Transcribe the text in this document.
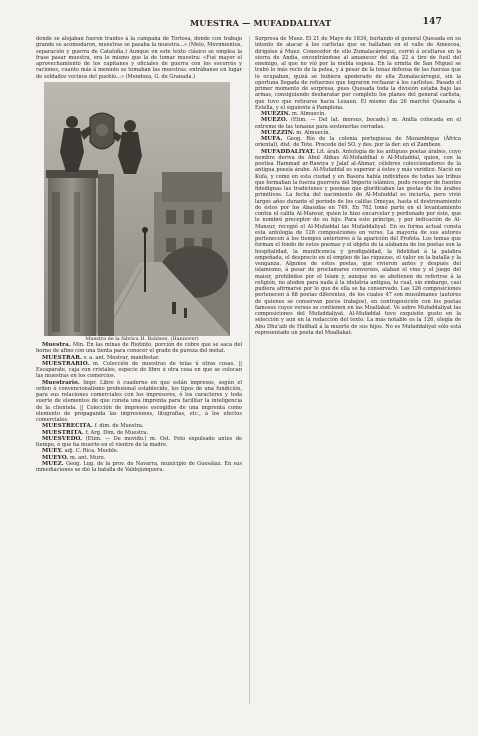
MUESTRA — MUFADDALIYAT	147

donde se alojaban fueron traídos á la campaña de Tortosa, donde con trabajo grande se acomodaron, muestras se pasaba la muestra...» (Melo, Movimientos, separación y guerra de Cataluña.) Aunque en este texto clásico se emplea la frase pasar muestra, era lo mismo que la de tomar muestra: «Fué mayor el aprovechamiento de los capitanes y oficiales de guerra con los socorros y raciones, cuanto más á menudo se tomaban las muestras: entrábanse en lugar de soldados vecinos del pueblo...» (Mendoza, G. de Granada.)

Muestra de la fábrica H. Bahlsen. (Hannover)

Muestra. Min. En las minas de Riotinto, porción de cobre que se saca del horno de afino con una tienta para conocer el grado de pureza del metal.

MUESTRAR. v. a. ant. Mostrar, manifestar.

MUESTRARIO. m. Colección de muestras de telas ú otras cosas. || Escaparate, caja con cristales, especie de libro ú otra cosa en que se colocan las muestras en los comercios.

Muestrario. Impr. Libro ó cuaderno en que están impresos, según el orden ó convencionalismo profesional establecido, los tipos de una fundición, para sus relaciones comerciales con los impresores, ó los caracteres y toda suerte de elementos de que consta una imprenta para facilitar la inteligencia de la clientela. || Colección de impresos escogidos de una imprenta como elemento de propaganda las impresiones, litografías, etc., á los efectos comerciales.

MUESTRECITA. f. dim. de Muestra.

MUESTRITA. f. Arg. Dim. de Muestra.

MUESVEDO. (Etim. — De movido.) m. Ost. Feto expulsado antes de tiempo, ó que ha muerto en el vientre de la madre.

MUEY. adj. C. Rica. Mueble.

MUEYO. m. ant. Muro.

MUEZ. Geog. Lug. de la prov. de Navarra, municipio de Guesálaz. En sus inmediaciones se dió la batalla de Valdejunquera.

Sorpresa de Muez. El 21 de Mayo de 1834, burlando el general Quesada en su intento de atacar á los carlistas que se hallaban en el valle de Amescoa, dirigióse á Muez. Conocedor de ello Zumalacárregui, corrió á ocultarse en la sierra de Andía, encontrándose al amanecer del día 22 á tiro de fusil del enemigo, al que no vió por la niebla espesa. En la ermita de San Miguel se trabó lo más recio de la pelea, y á pesar de la tenaz defensa de las fuerzas que lo ocupaban, quizá se hubiera apoderado de ella Zumalacárregui, sin la oportuna llegada de refuerzos que lograron rechazar á los carlistas. Pasado el primer momento de sorpresa, pues Quesada toda la división estaba bajo las armas, consiguiendo desbaratar por completo los planes del general carlista, que tuvo que retirarse hacia Lezaun. El mismo día 26 marchó Quesada á Estella, y el siguiente á Pamplona.

MUEZIN. m. Almuecín.

MUEZO. (Etim. — Del lat. morsus, bocado.) m. Anilla colocada en el extremo de las tenazas para sostenerlas cerradas.

MUEZZIN. m. Almuecín.

MUFA. Geog. Río de la colonia portuguesa de Mozambique (África oriental), dist. de Tete. Procede del SO. y des. por la der. en el Zambeze.

MUFADDALIYAT. Lit. árab. Antología de los antiguos poetas árabes, cuyo nombre deriva de Abul Abbas Al-Mofaddhal ó Al-Mufaddal, quien, con la poetisa Hammad ar-Rawiya y Jalaf al-Ahmar, célebres coleccionadores de la antigua poesía árabe. Al-Mufaddal es superior á éstos y más veridico. Nació en Kufa, y como en esta ciudad y en Basora había individuos de todas las tribus que formaban la fuerza guerrera del Imperio islámico, pudo recoger de fuentes fidedignas las tradiciones y poemas que glorificaban las gestas de los árabes primitivos. La fecha del nacimiento de Al-Mufaddal es incierta, pero vivió largos años durante el período de los califas Omeyas, hasta el destronamiento de éstos por los Abasidas en 749. En 762 tomó parte en el levantamiento contra el califa Al-Mansur, quien le hizo encarcelar y perdonado por éste, que le nombró preceptor de su hijo. Para este príncipe, y por indicación de Al-Mansur, recogió el Al-Mufaddal las Mufaddaliyat. En su forma actual consta esta antología de 126 composiciones en verso. La mayoría de sus autores pertenecen á los tiempos anteriores á la aparición del Profeta. Los temas que forman el fondo de estos poemas y el objeto de la alabanza de los poetas son la hospitalidad, la munificencia y prodigalidad, la fidelidad á la palabra empeñada, el desprecio en el empleo de las riquezas, el valor en la batalla y la venganza. Algunos de estos poetas, que vivieron antes y después del islamismo, á pesar de proclamarse conversos, alaban el vino y el juego del maisir, prohibidos por el Islam y, aunque no se abstienen de referirse á la religión, no aluden para nada á la idolatría antigua, lo cual, sin embargo, casi pudiera afirmarse por lo que de ella se ha conservado. Las 126 composiciones pertenecen á 68 poetas diferentes, de los cuales 47 son musulmanes (autores de quienes se conservan pocos trabajos), en contraposición con los poetas famosos cuyos versos se contienen en las Moallakat. Ve sobre Mufaddaliyat las composiciones del Mufaddaliyat. Al-Mufaddal tuvo exquisito gusto en la selección y aun en la redacción del texto. La más notable es la 126, elegía de Abu Dhu'aib de Hudhail á la muerte de sus hijos. No es Mufaddaliyat sólo está representado un poeta del Moallakat.
